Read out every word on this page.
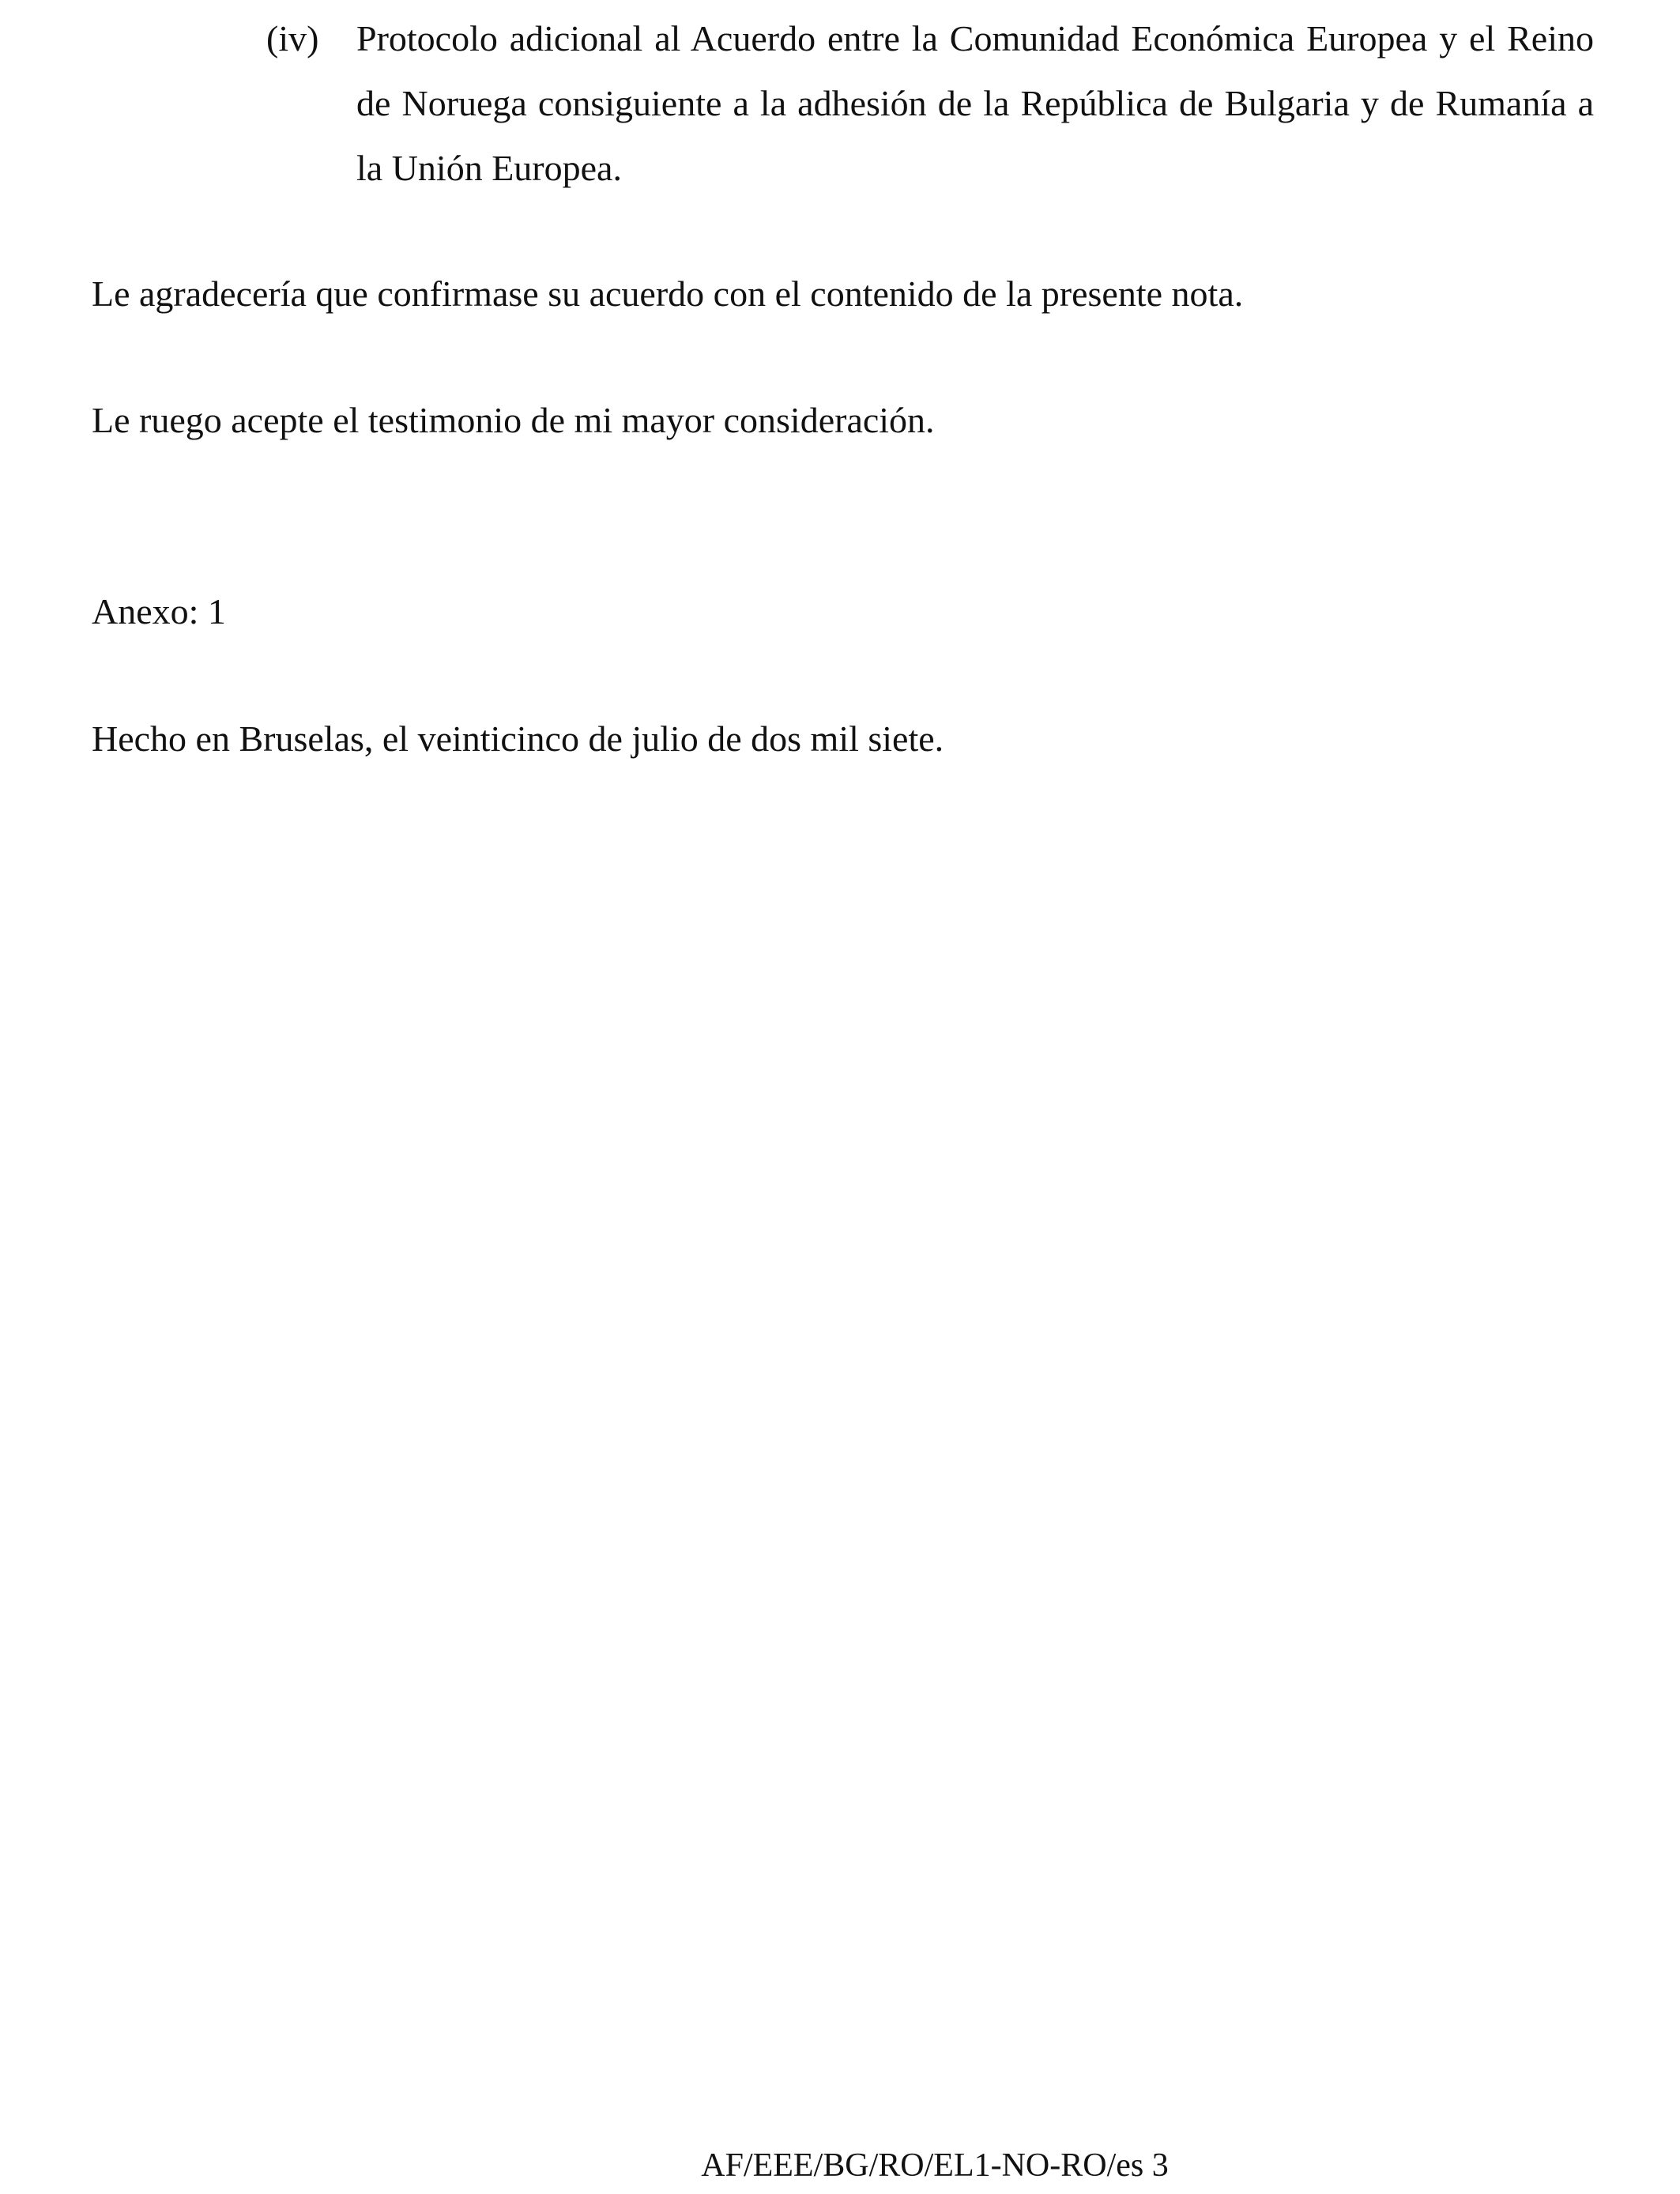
(iv)	Protocolo adicional al Acuerdo entre la Comunidad Económica Europea y el Reino de Noruega consiguiente a la adhesión de la República de Bulgaria y de Rumanía a la Unión Europea.
Le agradecería que confirmase su acuerdo con el contenido de la presente nota.
Le ruego acepte el testimonio de mi mayor consideración.
Anexo: 1
Hecho en Bruselas, el veinticinco de julio de dos mil siete.
AF/EEE/BG/RO/EL1-NO-RO/es 3
